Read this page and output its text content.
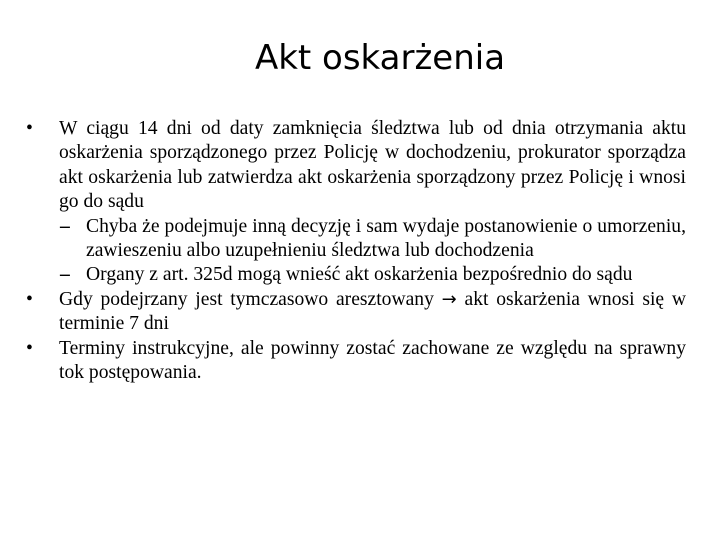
Akt oskarżenia
•	W ciągu 14 dni od daty zamknięcia śledztwa lub od dnia otrzymania aktu oskarżenia sporządzonego przez Policję w dochodzeniu, prokurator sporządza akt oskarżenia lub zatwierdza akt oskarżenia sporządzony przez Policję i wnosi go do sądu
– Chyba że podejmuje inną decyzję i sam wydaje postanowienie o umorzeniu, zawieszeniu albo uzupełnieniu śledztwa lub dochodzenia
– Organy z art. 325d mogą wnieść akt oskarżenia bezpośrednio do sądu
•	Gdy podejrzany jest tymczasowo aresztowany → akt oskarżenia wnosi się w terminie 7 dni
•	Terminy instrukcyjne, ale powinny zostać zachowane ze względu na sprawny tok postępowania.
